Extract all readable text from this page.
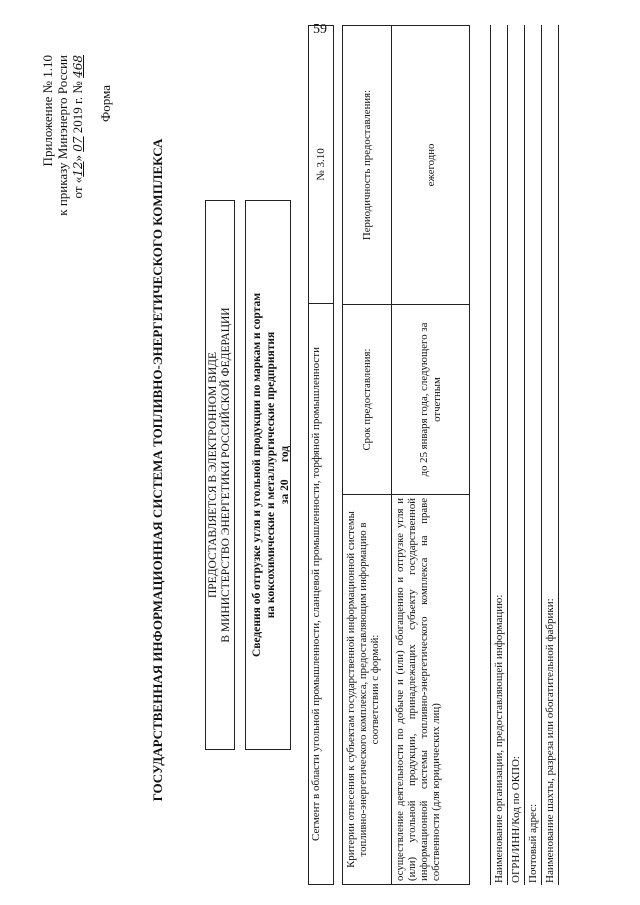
59
Приложение № 1.10 к приказу Минэнерго России от «12» 07 2019 г. № 468
Форма
ГОСУДАРСТВЕННАЯ ИНФОРМАЦИОННАЯ СИСТЕМА ТОПЛИВНО-ЭНЕРГЕТИЧЕСКОГО КОМПЛЕКСА	ПРЕДОСТАВЛЯЕТСЯ В ЭЛЕКТРОННОМ ВИДЕ В МИНИСТЕРСТВО ЭНЕРГЕТИКИ РОССИЙСКОЙ ФЕДЕРАЦИИ Сведения об отгрузке угля и угольной продукции по маркам и сортам на коксохимические и металлургические предприятия за 20      год Сегмент в области угольной промышленности, сланцевой промышленности, торфяной промышленности
№ 3.10
Критерии отнесения к субъектам государственной информационной системы топливно-энергетического комплекса, предоставляющим информацию в соответствии с формой:
Срок предоставления:
Периодичность предоставления:
осуществление деятельности по добыче и (или) обогащению и отгрузке угля и (или) угольной продукции, принадлежащих субъекту государственной информационной системы топливно-энергетического комплекса на праве собственности (для юридических лиц)
до 25 января года, следующего за отчетным
ежегодно
Наименование организации, предоставляющей информацию: ОГРН/ИНН/Код по ОКПО: Почтовый адрес: Наименование шахты, разреза или обогатительной фабрики:
